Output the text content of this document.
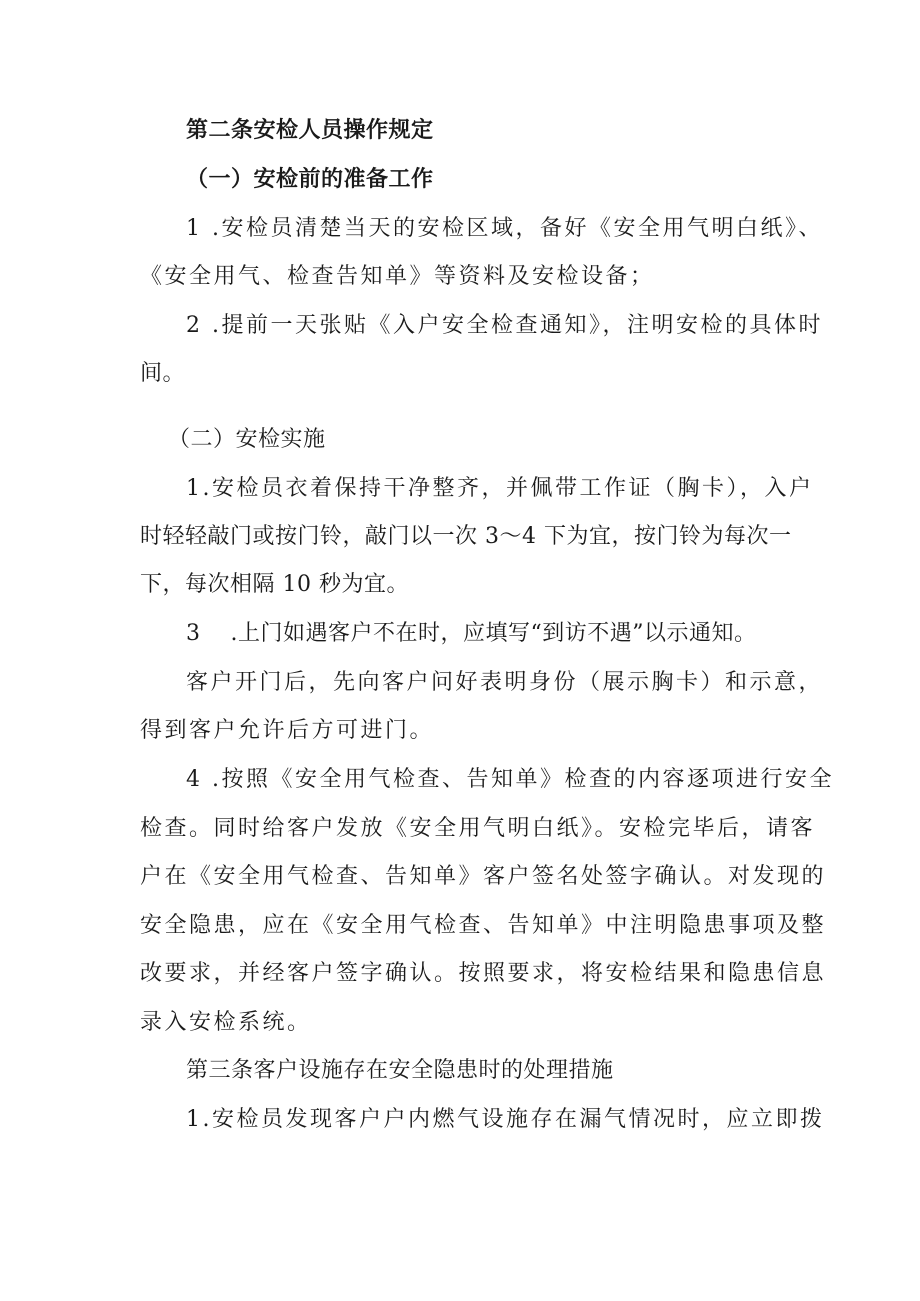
第二条安检人员操作规定
（一）安检前的准备工作
1 .安检员清楚当天的安检区域，备好《安全用气明白纸》、
《安全用气、检查告知单》等资料及安检设备；
2 .提前一天张贴《入户安全检查通知》，注明安检的具体时
间。
（二）安检实施
1.安检员衣着保持干净整齐，并佩带工作证（胸卡），入户
时轻轻敲门或按门铃，敲门以一次 3～4 下为宜，按门铃为每次一
下，每次相隔 10 秒为宜。
3　 .上门如遇客户不在时，应填写“到访不遇”以示通知。
客户开门后，先向客户问好表明身份（展示胸卡）和示意，
得到客户允许后方可进门。
4 .按照《安全用气检查、告知单》检查的内容逐项进行安全
检查。同时给客户发放《安全用气明白纸》。安检完毕后，请客
户在《安全用气检查、告知单》客户签名处签字确认。对发现的
安全隐患，应在《安全用气检查、告知单》中注明隐患事项及整
改要求，并经客户签字确认。按照要求，将安检结果和隐患信息
录入安检系统。
第三条客户设施存在安全隐患时的处理措施
1.安检员发现客户户内燃气设施存在漏气情况时，应立即拨
